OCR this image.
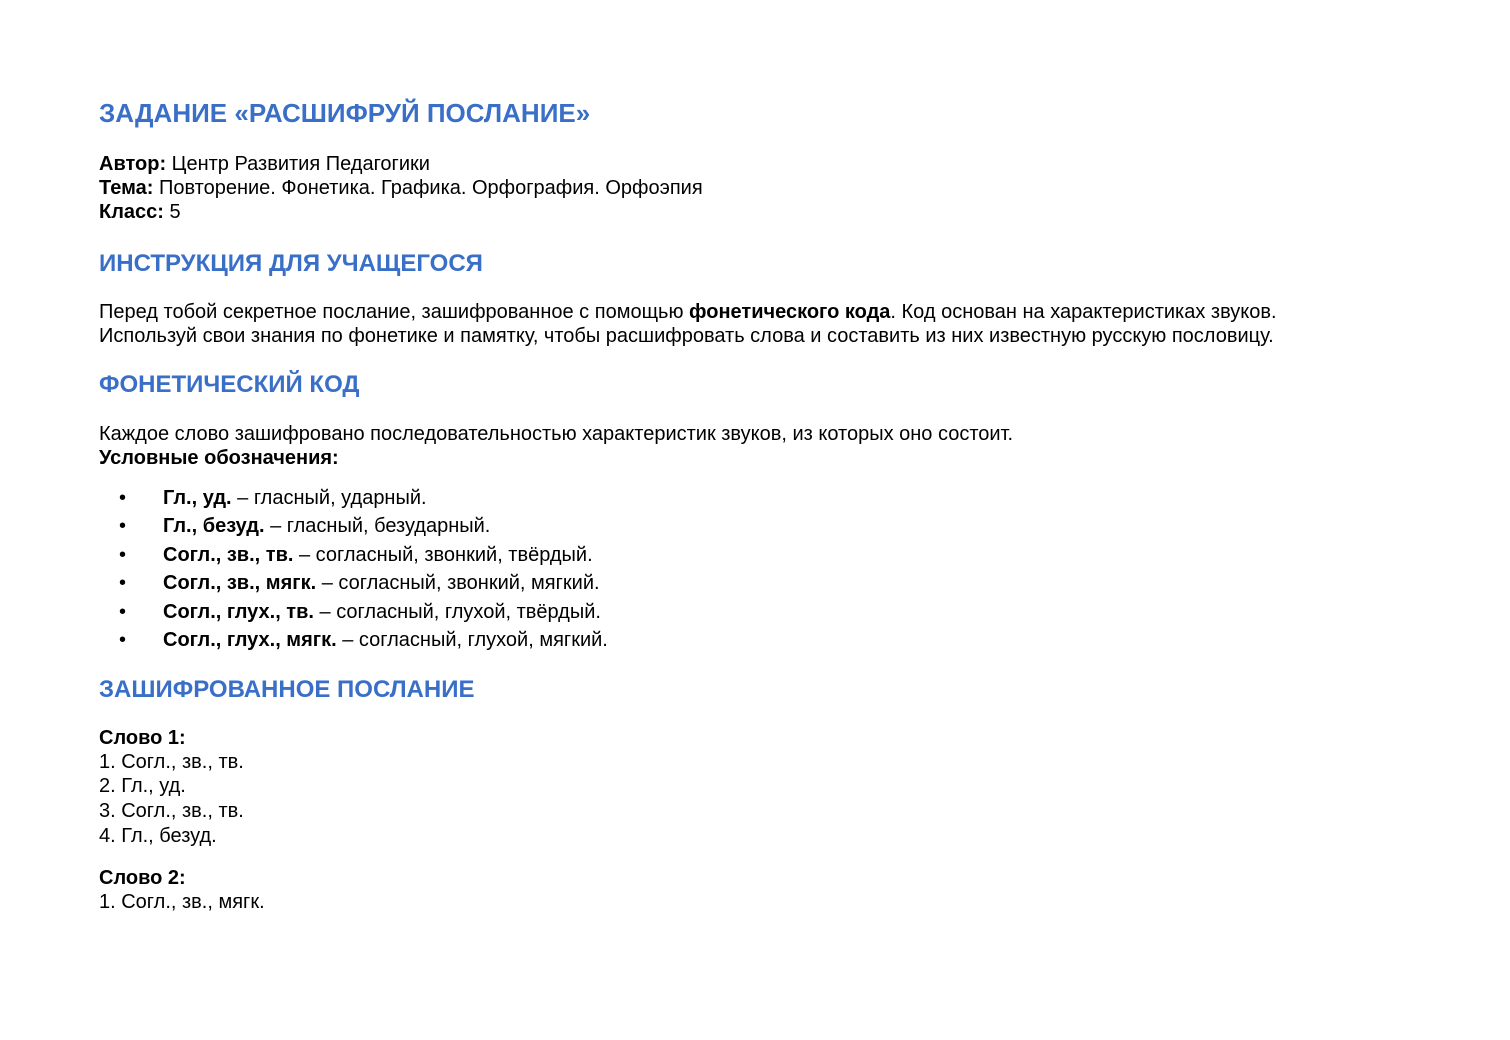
ЗАДАНИЕ «РАСШИФРУЙ ПОСЛАНИЕ»
Автор: Центр Развития Педагогики
Тема: Повторение. Фонетика. Графика. Орфография. Орфоэпия
Класс: 5
ИНСТРУКЦИЯ ДЛЯ УЧАЩЕГОСЯ
Перед тобой секретное послание, зашифрованное с помощью фонетического кода. Код основан на характеристиках звуков.
Используй свои знания по фонетике и памятку, чтобы расшифровать слова и составить из них известную русскую пословицу.
ФОНЕТИЧЕСКИЙ КОД
Каждое слово зашифровано последовательностью характеристик звуков, из которых оно состоит.
Условные обозначения:
• Гл., уд. – гласный, ударный.
• Гл., безуд. – гласный, безударный.
• Согл., зв., тв. – согласный, звонкий, твёрдый.
• Согл., зв., мягк. – согласный, звонкий, мягкий.
• Согл., глух., тв. – согласный, глухой, твёрдый.
• Согл., глух., мягк. – согласный, глухой, мягкий.
ЗАШИФРОВАННОЕ ПОСЛАНИЕ
Слово 1:
1. Согл., зв., тв.
2. Гл., уд.
3. Согл., зв., тв.
4. Гл., безуд.
Слово 2:
1. Согл., зв., мягк.
